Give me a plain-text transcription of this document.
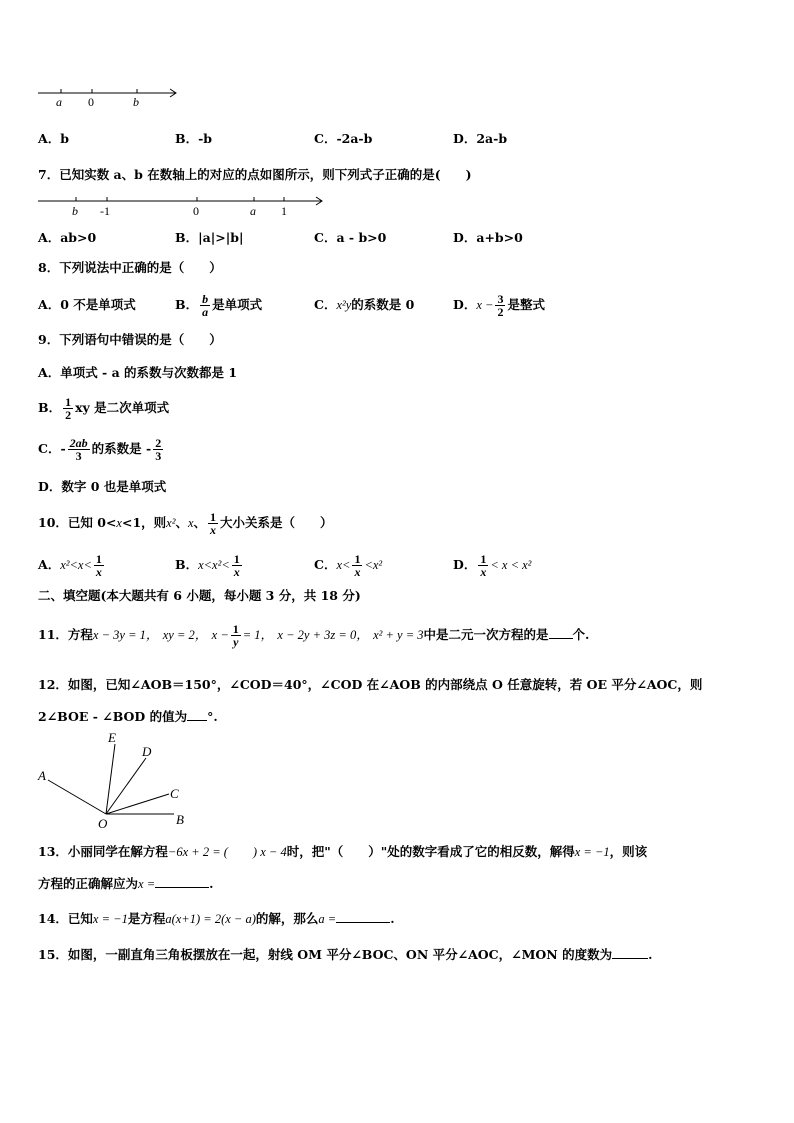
a 0	b
A．b	B．-b	C．-2a-b	D．2a-b
7．已知实数 a、b 在数轴上的对应的点如图所示，则下列式子正确的是(　　)
b -1	0	a 1
A．ab>0	B．|a|>|b|	C．a - b>0	D．a+b>0
8．下列说法中正确的是（　　）
A．0 不是单项式	B． $\frac{b}{a}$ 是单项式	C．x²y的系数是 0	D．$x - \frac{3}{2}$ 是整式
9．下列语句中错误的是（　　）
A．单项式 - a 的系数与次数都是 1
B． $\frac{1}{2}$ xy 是二次单项式
C．- $\frac{2ab}{3}$ 的系数是 - $\frac{2}{3}$
D．数字 0 也是单项式
10．已知 0<x<1，则x²、x、 $\frac{1}{x}$ 大小关系是（　　）
A．$x^2<x< \frac{1}{x}$	B．$x<x^2< \frac{1}{x}$	C．$x< \frac{1}{x} <x^2$	D． $\frac{1}{x} < x < x^2$
二、填空题(本大题共有 6 小题，每小题 3 分，共 18 分)
11．方程x − 3y = 1， xy = 2， $x - \frac{1}{y} = 1$， x − 2y + 3z = 0， x² + y = 3中是二元一次方程的是 个.
12．如图，已知∠AOB＝150°，∠COD＝40°，∠COD 在∠AOB 的内部绕点 O 任意旋转，若 OE 平分∠AOC，则
2∠BOE - ∠BOD 的值为 °.
E
D
A
C
O	B
13．小丽同学在解方程−6x + 2 = (　　) x − 4时，把"（　　）"处的数字看成了它的相反数，解得x = −1，则该
方程的正确解应为x =	.
14．已知x = −1是方程a(x+1) = 2(x − a)的解，那么a =	.
15．如图，一副直角三角板摆放在一起，射线 OM 平分∠BOC、ON 平分∠AOC，∠MON 的度数为	.
